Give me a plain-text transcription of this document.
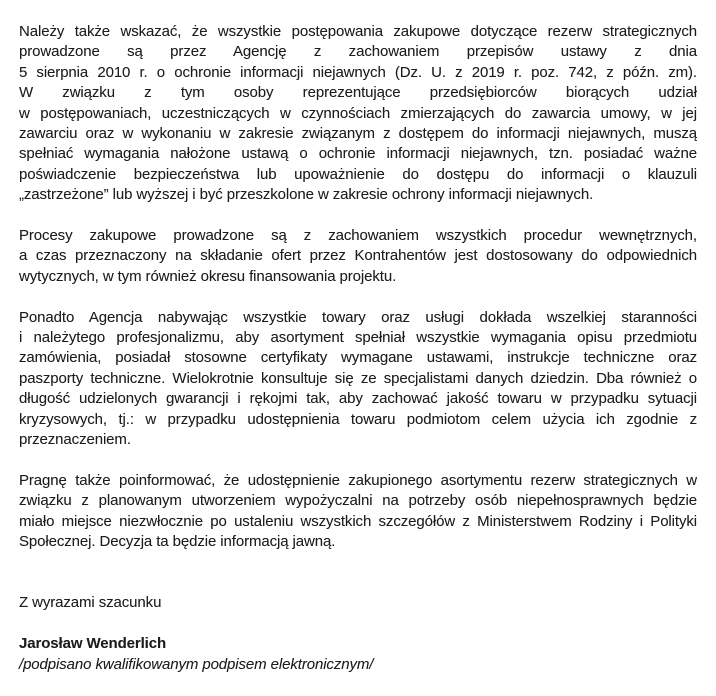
Należy także wskazać, że wszystkie postępowania zakupowe dotyczące rezerw strategicznych
prowadzone są przez Agencję z zachowaniem przepisów ustawy z dnia
5 sierpnia 2010 r. o ochronie informacji niejawnych (Dz. U. z 2019 r. poz. 742, z późn. zm).
W związku z tym osoby reprezentujące przedsiębiorców biorących udział
w postępowaniach, uczestniczących w czynnościach zmierzających do zawarcia umowy, w jej
zawarciu oraz w wykonaniu w zakresie związanym z dostępem do informacji niejawnych, muszą
spełniać wymagania nałożone ustawą o ochronie informacji niejawnych, tzn. posiadać ważne
poświadczenie bezpieczeństwa lub upoważnienie do dostępu do informacji o klauzuli
„zastrzeżone” lub wyższej i być przeszkolone w zakresie ochrony informacji niejawnych.
Procesy zakupowe prowadzone są z zachowaniem wszystkich procedur wewnętrznych,
a czas przeznaczony na składanie ofert przez Kontrahentów jest dostosowany do odpowiednich
wytycznych, w tym również okresu finansowania projektu.
Ponadto Agencja nabywając wszystkie towary oraz usługi dokłada wszelkiej staranności
i należytego profesjonalizmu, aby asortyment spełniał wszystkie wymagania opisu przedmiotu
zamówienia, posiadał stosowne certyfikaty wymagane ustawami, instrukcje techniczne oraz
paszporty techniczne. Wielokrotnie konsultuje się ze specjalistami danych dziedzin. Dba również o
długość udzielonych gwarancji i rękojmi tak, aby zachować jakość towaru w przypadku sytuacji
kryzysowych, tj.: w przypadku udostępnienia towaru podmiotom celem użycia ich zgodnie z
przeznaczeniem.
Pragnę także poinformować, że udostępnienie zakupionego asortymentu rezerw strategicznych w
związku z planowanym utworzeniem wypożyczalni na potrzeby osób niepełnosprawnych będzie
miało miejsce niezwłocznie po ustaleniu wszystkich szczegółów z Ministerstwem Rodziny i Polityki
Społecznej. Decyzja ta będzie informacją jawną.
Z wyrazami szacunku
Jarosław Wenderlich
/podpisano kwalifikowanym podpisem elektronicznym/
